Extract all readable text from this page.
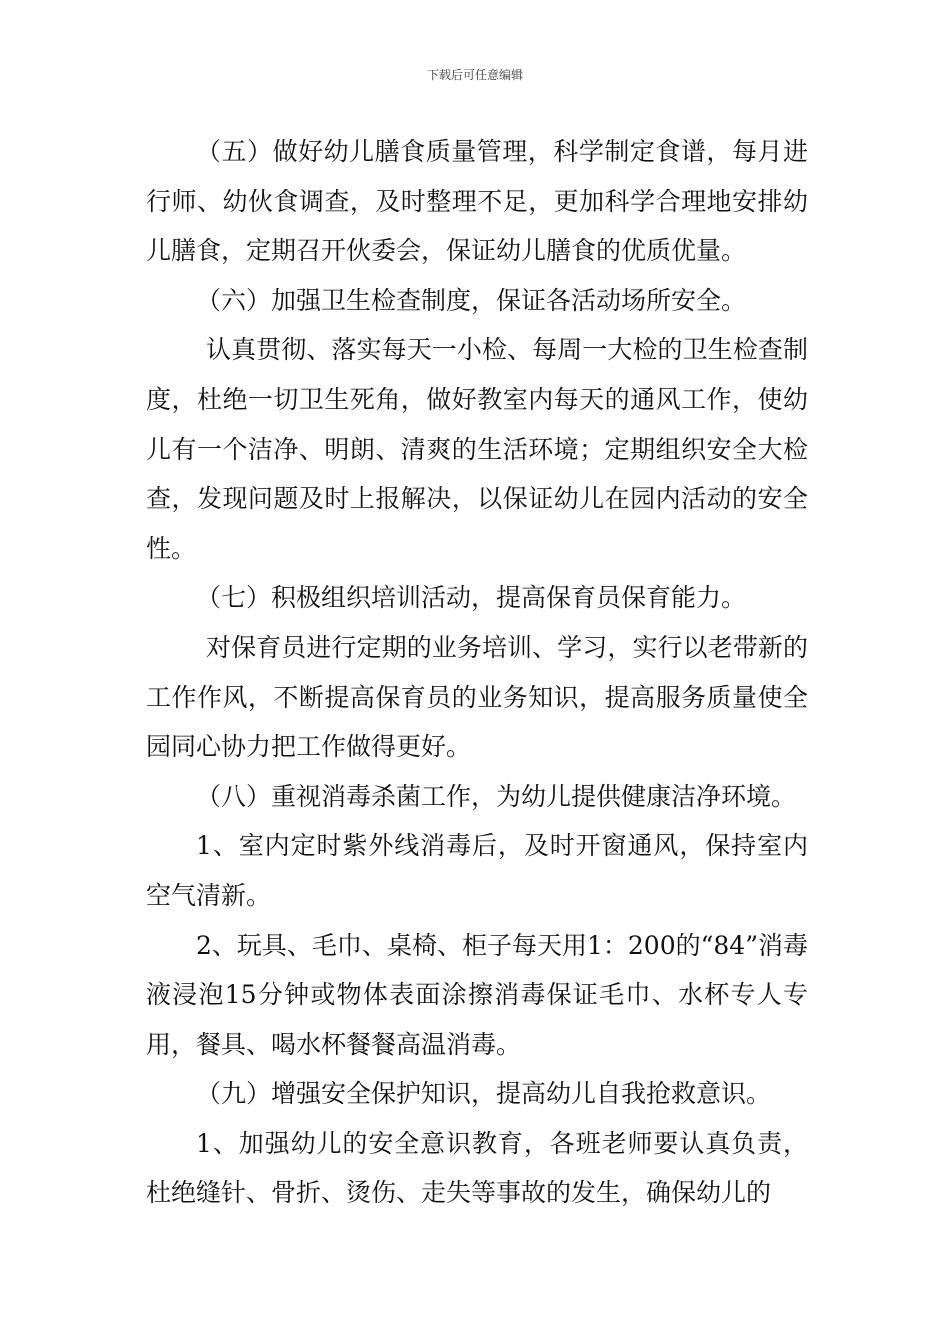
下载后可任意编辑

（五）做好幼儿膳食质量管理，科学制定食谱，每月进行师、幼伙食调查，及时整理不足，更加科学合理地安排幼儿膳食，定期召开伙委会，保证幼儿膳食的优质优量。

（六）加强卫生检查制度，保证各活动场所安全。

认真贯彻、落实每天一小检、每周一大检的卫生检查制度，杜绝一切卫生死角，做好教室内每天的通风工作，使幼儿有一个洁净、明朗、清爽的生活环境；定期组织安全大检查，发现问题及时上报解决，以保证幼儿在园内活动的安全性。

（七）积极组织培训活动，提高保育员保育能力。

对保育员进行定期的业务培训、学习，实行以老带新的工作作风，不断提高保育员的业务知识，提高服务质量使全园同心协力把工作做得更好。

（八）重视消毒杀菌工作，为幼儿提供健康洁净环境。

1、室内定时紫外线消毒后，及时开窗通风，保持室内空气清新。

2、玩具、毛巾、桌椅、柜子每天用1：200的“84”消毒液浸泡15分钟或物体表面涂擦消毒保证毛巾、水杯专人专用，餐具、喝水杯餐餐高温消毒。

（九）增强安全保护知识，提高幼儿自我抢救意识。

1、加强幼儿的安全意识教育，各班老师要认真负责，杜绝缝针、骨折、烫伤、走失等事故的发生，确保幼儿的
